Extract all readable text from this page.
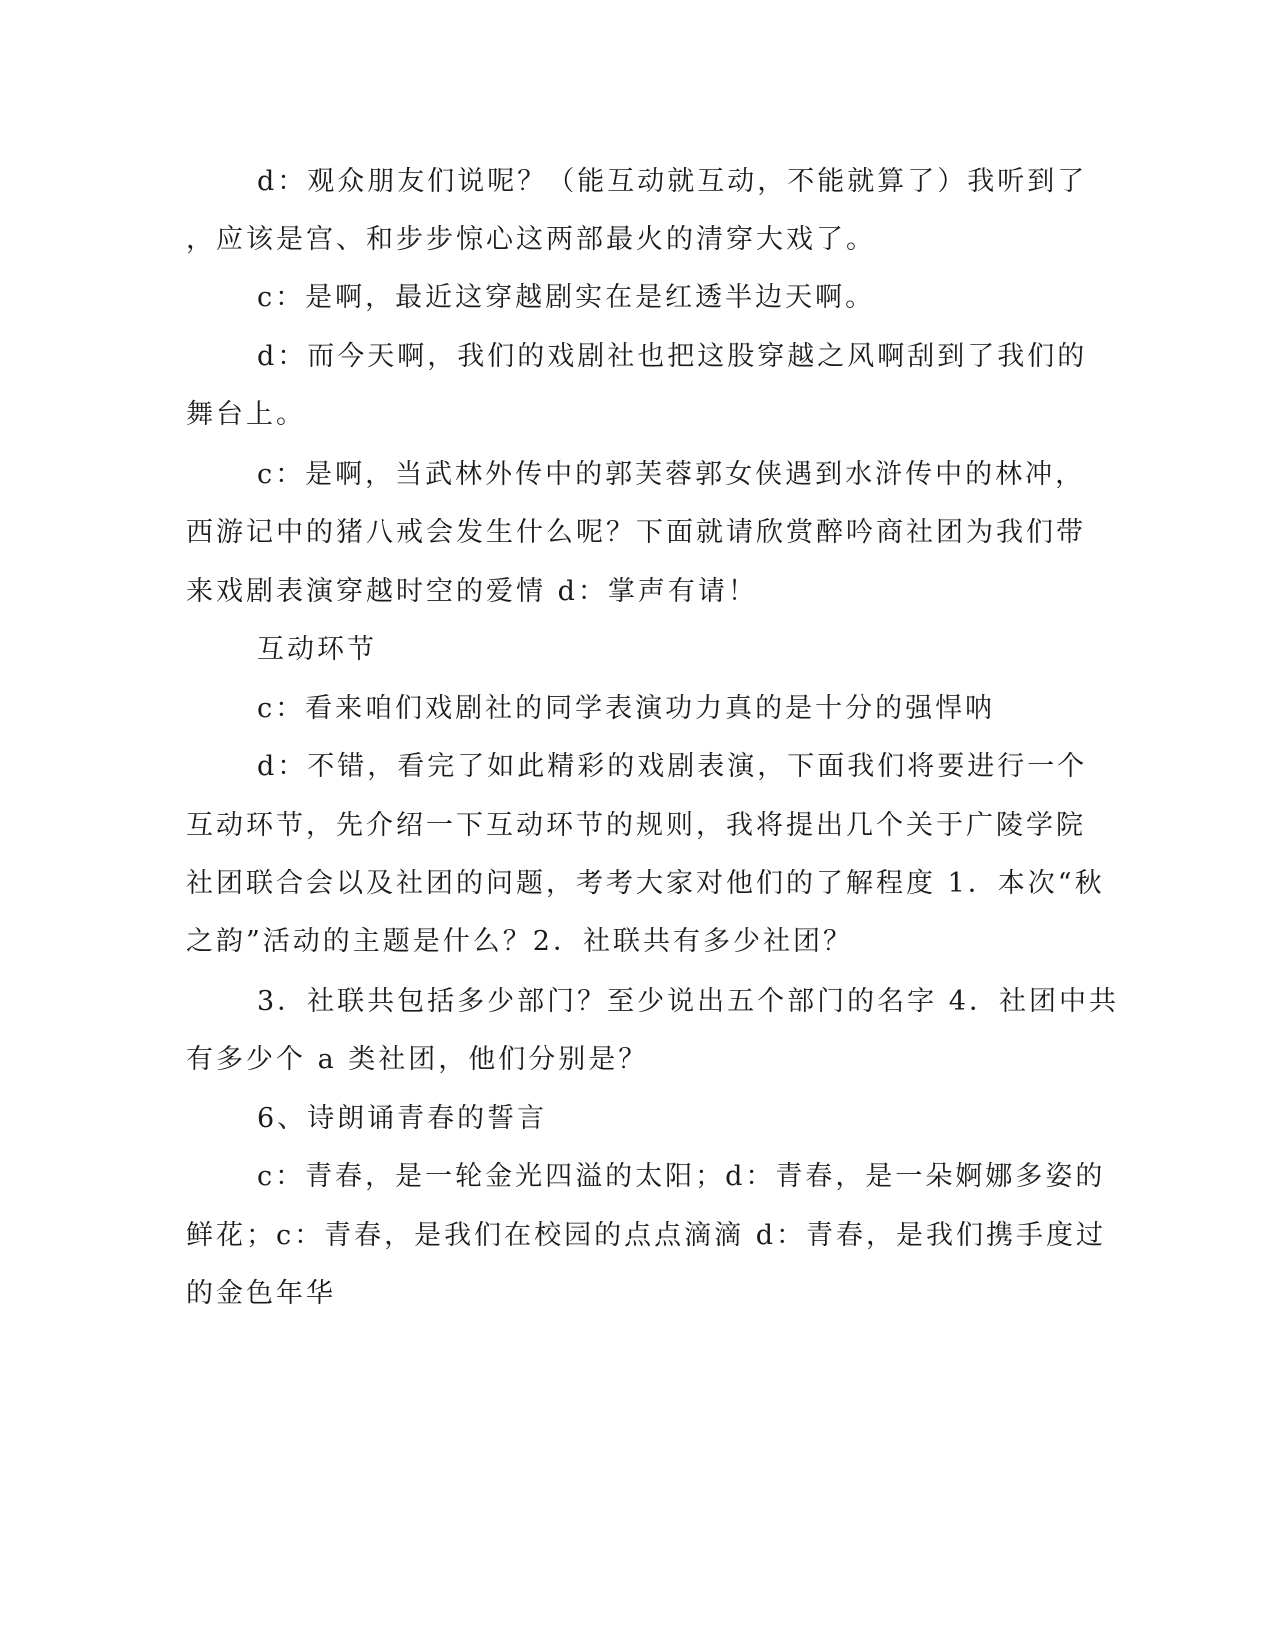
d：观众朋友们说呢？（能互动就互动，不能就算了）我听到了

，应该是宫、和步步惊心这两部最火的清穿大戏了。

c：是啊，最近这穿越剧实在是红透半边天啊。

d：而今天啊，我们的戏剧社也把这股穿越之风啊刮到了我们的

舞台上。

c：是啊，当武林外传中的郭芙蓉郭女侠遇到水浒传中的林冲，

西游记中的猪八戒会发生什么呢？下面就请欣赏醉吟商社团为我们带

来戏剧表演穿越时空的爱情 d：掌声有请！

互动环节

c：看来咱们戏剧社的同学表演功力真的是十分的强悍呐

d：不错，看完了如此精彩的戏剧表演，下面我们将要进行一个

互动环节，先介绍一下互动环节的规则，我将提出几个关于广陵学院

社团联合会以及社团的问题，考考大家对他们的了解程度 1．本次“秋

之韵”活动的主题是什么？2．社联共有多少社团？

3．社联共包括多少部门？至少说出五个部门的名字 4．社团中共

有多少个 a 类社团，他们分别是？

6、诗朗诵青春的誓言

c：青春，是一轮金光四溢的太阳；d：青春，是一朵婀娜多姿的

鲜花；c：青春，是我们在校园的点点滴滴 d：青春，是我们携手度过

的金色年华
